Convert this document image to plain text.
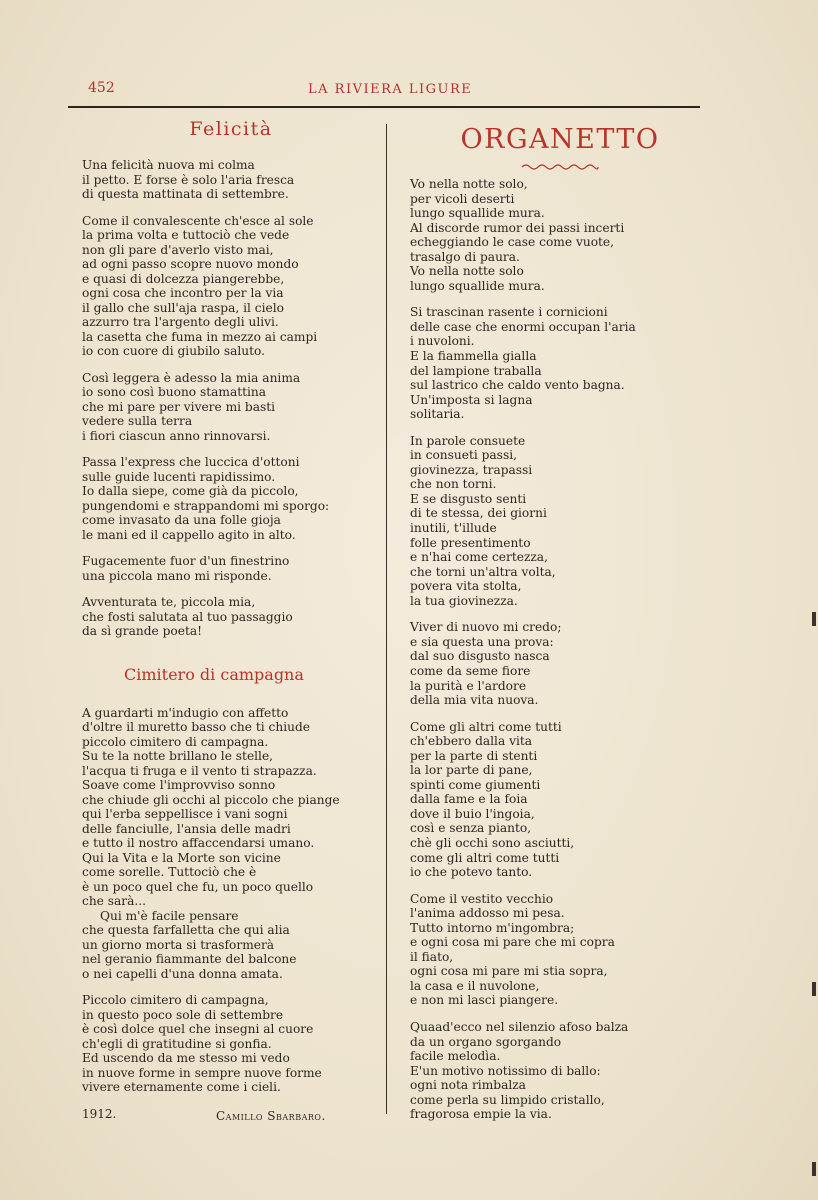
452	LA RIVIERA LIGURE
Felicità
Una felicità nuova mi colma
il petto. E forse è solo l'aria fresca
di questa mattinata di settembre.
Come il convalescente ch'esce al sole
la prima volta e tuttociò che vede
non gli pare d'averlo visto mai,
ad ogni passo scopre nuovo mondo
e quasi di dolcezza piangerebbe,
ogni cosa che incontro per la via
il gallo che sull'aja raspa, il cielo
azzurro tra l'argento degli ulivi.
la casetta che fuma in mezzo ai campi
io con cuore di giubilo saluto.
Così leggera è adesso la mia anima
io sono così buono stamattina
che mi pare per vivere mi basti
vedere sulla terra
i fiori ciascun anno rinnovarsi.
Passa l'express che luccica d'ottoni
sulle guide lucenti rapidissimo.
Io dalla siepe, come già da piccolo,
pungendomi e strappandomi mi sporgo:
come invasato da una folle gioja
le mani ed il cappello agito in alto.
Fugacemente fuor d'un finestrino
una piccola mano mi risponde.
Avventurata te, piccola mia,
che fosti salutata al tuo passaggio
da sì grande poeta!
Cimitero di campagna
A guardarti m'indugio con affetto
d'oltre il muretto basso che ti chiude
piccolo cimitero di campagna.
Su te la notte brillano le stelle,
l'acqua ti fruga e il vento ti strapazza.
Soave come l'improvviso sonno
che chiude gli occhi al piccolo che piange
qui l'erba seppellisce i vani sogni
delle fanciulle, l'ansia delle madri
e tutto il nostro affaccendarsi umano.
Qui la Vita e la Morte son vicine
come sorelle. Tuttociò che è
è un poco quel che fu, un poco quello
che sarà...
Qui m'è facile pensare
che questa farfalletta che qui alia
un giorno morta si trasformerà
nel geranio fiammante del balcone
o nei capelli d'una donna amata.
Piccolo cimitero di campagna,
in questo poco sole di settembre
è così dolce quel che insegni al cuore
ch'egli di gratitudine si gonfia.
Ed uscendo da me stesso mi vedo
in nuove forme in sempre nuove forme
vivere eternamente come i cieli.
1912.	Camillo Sbarbaro.
ORGANETTO
Vo nella notte solo,
per vicoli deserti
lungo squallide mura.
Al discorde rumor dei passi incerti
echeggiando le case come vuote,
trasalgo di paura.
Vo nella notte solo
lungo squallide mura.
Si trascinan rasente i cornicioni
delle case che enormi occupan l'aria
i nuvoloni.
E la fiammella gialla
del lampione traballa
sul lastrico che caldo vento bagna.
Un'imposta si lagna
solitaria.
In parole consuete
in consueti passi,
giovinezza, trapassi
che non torni.
E se disgusto senti
di te stessa, dei giorni
inutili, t'illude
folle presentimento
e n'hai come certezza,
che torni un'altra volta,
povera vita stolta,
la tua giovinezza.
Viver di nuovo mi credo;
e sia questa una prova:
dal suo disgusto nasca
come da seme fiore
la purità e l'ardore
della mia vita nuova.
Come gli altri come tutti
ch'ebbero dalla vita
per la parte di stenti
la lor parte di pane,
spinti come giumenti
dalla fame e la foia
dove il buio l'ingoia,
così e senza pianto,
chè gli occhi sono asciutti,
come gli altri come tutti
io che potevo tanto.
Come il vestito vecchio
l'anima addosso mi pesa.
Tutto intorno m'ingombra;
e ogni cosa mi pare che mi copra
il fiato,
ogni cosa mi pare mi stia sopra,
la casa e il nuvolone,
e non mi lasci piangere.
Quaad'ecco nel silenzio afoso balza
da un organo sgorgando
facile melodìa.
E'un motivo notissimo di ballo:
ogni nota rimbalza
come perla su limpido cristallo,
fragorosa empie la via.
